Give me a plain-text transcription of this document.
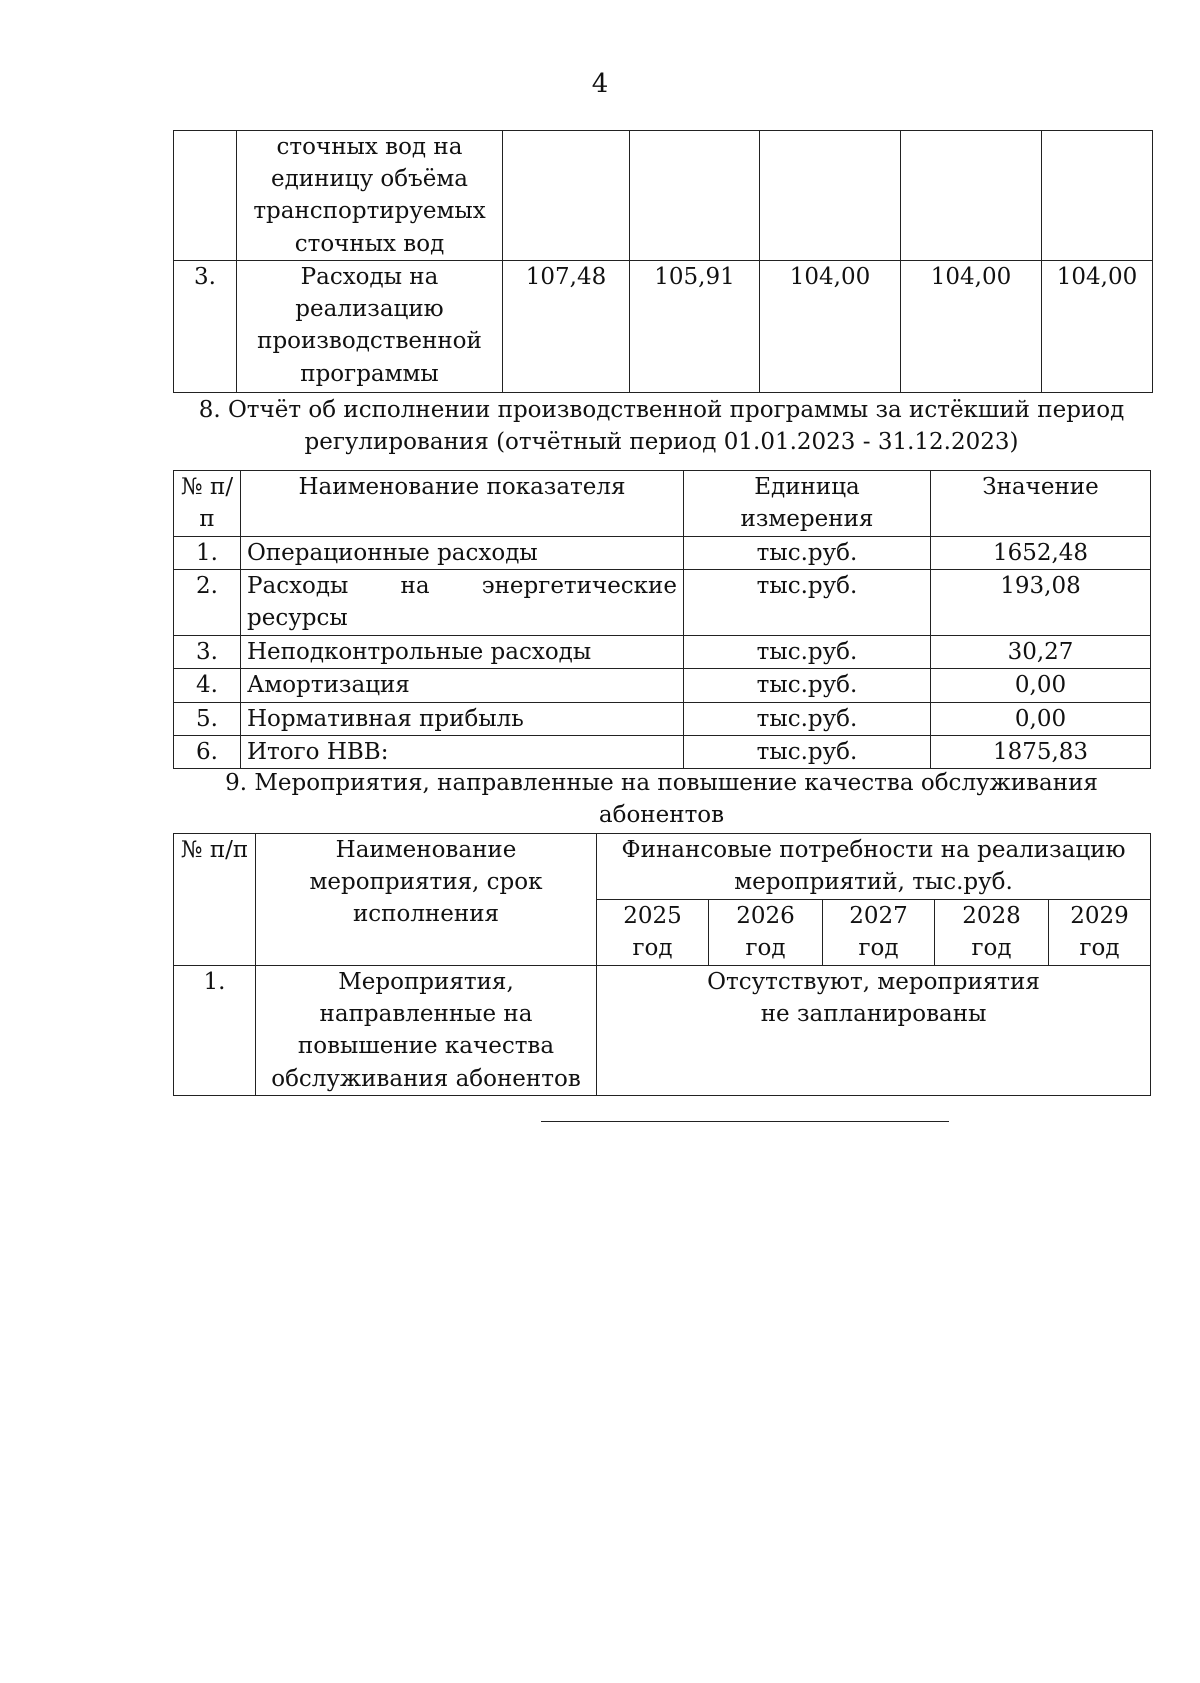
4
	сточных вод на единицу объёма транспортируемых сточных вод					
3.	Расходы на реализацию производственной программы	107,48	105,91	104,00	104,00	104,00
8. Отчёт об исполнении производственной программы за истёкший период регулирования (отчётный период 01.01.2023 - 31.12.2023)
№ п/п	Наименование показателя	Единица измерения	Значение
1.	Операционные расходы	тыс.руб.	1652,48
2.	Расходы на энергетические ресурсы	тыс.руб.	193,08
3.	Неподконтрольные расходы	тыс.руб.	30,27
4.	Амортизация	тыс.руб.	0,00
5.	Нормативная прибыль	тыс.руб.	0,00
6.	Итого НВВ:	тыс.руб.	1875,83
9. Мероприятия, направленные на повышение качества обслуживания абонентов
№ п/п	Наименование мероприятия, срок исполнения	Финансовые потребности на реализацию мероприятий, тыс.руб.				
		2025 год	2026 год	2027 год	2028 год	2029 год
1.	Мероприятия, направленные на повышение качества обслуживания абонентов	Отсутствуют, мероприятия не запланированы				
